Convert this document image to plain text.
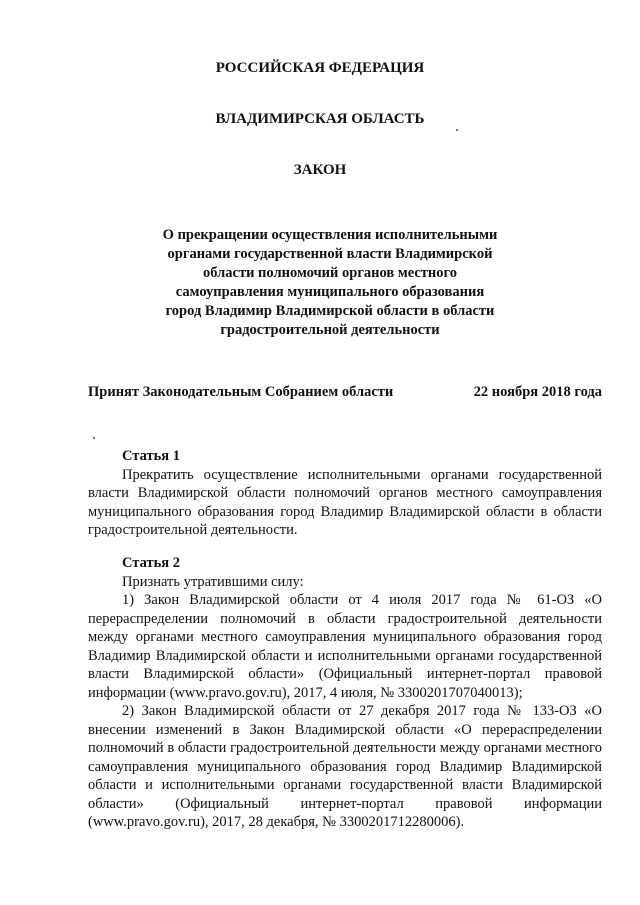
РОССИЙСКАЯ ФЕДЕРАЦИЯ
ВЛАДИМИРСКАЯ ОБЛАСТЬ
ЗАКОН
О прекращении осуществления исполнительными
органами государственной власти Владимирской
области полномочий органов местного
самоуправления муниципального образования
город Владимир Владимирской области в области
градостроительной деятельности
Принят Законодательным Собранием области	22 ноября 2018 года

Статья 1

Прекратить осуществление исполнительными органами государственной власти Владимирской области полномочий органов местного самоуправления муниципального образования город Владимир Владимирской области в области градостроительной деятельности.

Статья 2

Признать утратившими силу:

1) Закон Владимирской области от 4 июля 2017 года № 61-ОЗ «О перераспределении полномочий в области градостроительной деятельности между органами местного самоуправления муниципального образования город Владимир Владимирской области и исполнительными органами государственной власти Владимирской области» (Официальный интернет-портал правовой информации (www.pravo.gov.ru), 2017, 4 июля, № 3300201707040013);

2) Закон Владимирской области от 27 декабря 2017 года № 133-ОЗ «О внесении изменений в Закон Владимирской области «О перераспределении полномочий в области градостроительной деятельности между органами местного самоуправления муниципального образования город Владимир Владимирской области и исполнительными органами государственной власти Владимирской области» (Официальный интернет-портал правовой информации (www.pravo.gov.ru), 2017, 28 декабря, № 3300201712280006).
